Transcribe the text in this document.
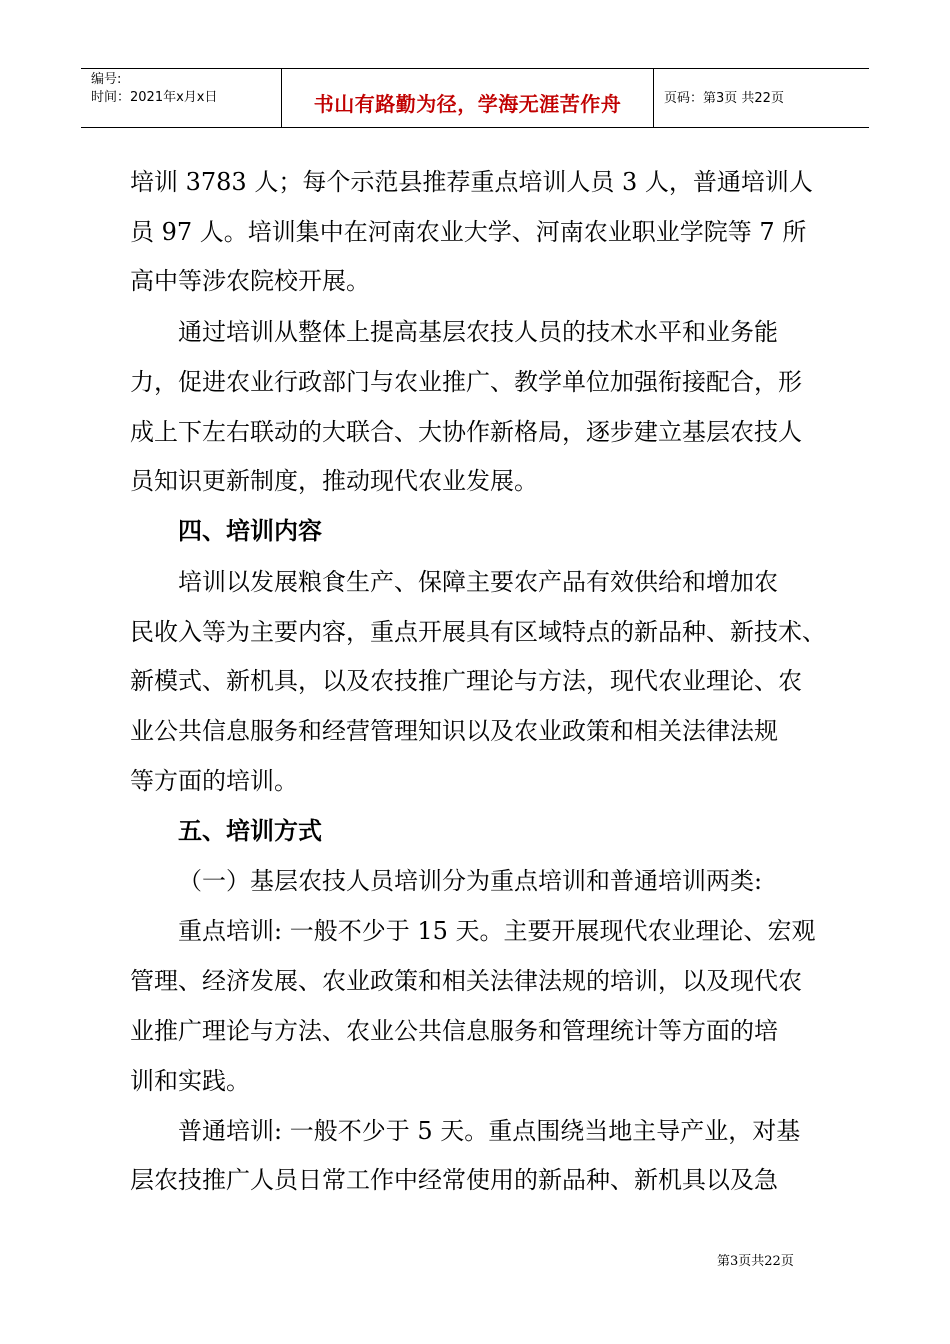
编号:
时间：2021年x月x日	书山有路勤为径，学海无涯苦作舟	页码：第3页 共22页
培训 3783 人；每个示范县推荐重点培训人员 3 人，普通培训人
员 97 人。培训集中在河南农业大学、河南农业职业学院等 7 所
高中等涉农院校开展。
通过培训从整体上提高基层农技人员的技术水平和业务能
力，促进农业行政部门与农业推广、教学单位加强衔接配合，形
成上下左右联动的大联合、大协作新格局，逐步建立基层农技人
员知识更新制度，推动现代农业发展。
四、培训内容
培训以发展粮食生产、保障主要农产品有效供给和增加农
民收入等为主要内容，重点开展具有区域特点的新品种、新技术、
新模式、新机具，以及农技推广理论与方法，现代农业理论、农
业公共信息服务和经营管理知识以及农业政策和相关法律法规
等方面的培训。
五、培训方式
（一）基层农技人员培训分为重点培训和普通培训两类:
重点培训: 一般不少于 15 天。主要开展现代农业理论、宏观
管理、经济发展、农业政策和相关法律法规的培训，以及现代农
业推广理论与方法、农业公共信息服务和管理统计等方面的培
训和实践。
普通培训: 一般不少于 5 天。重点围绕当地主导产业，对基
层农技推广人员日常工作中经常使用的新品种、新机具以及急
第3页共22页
